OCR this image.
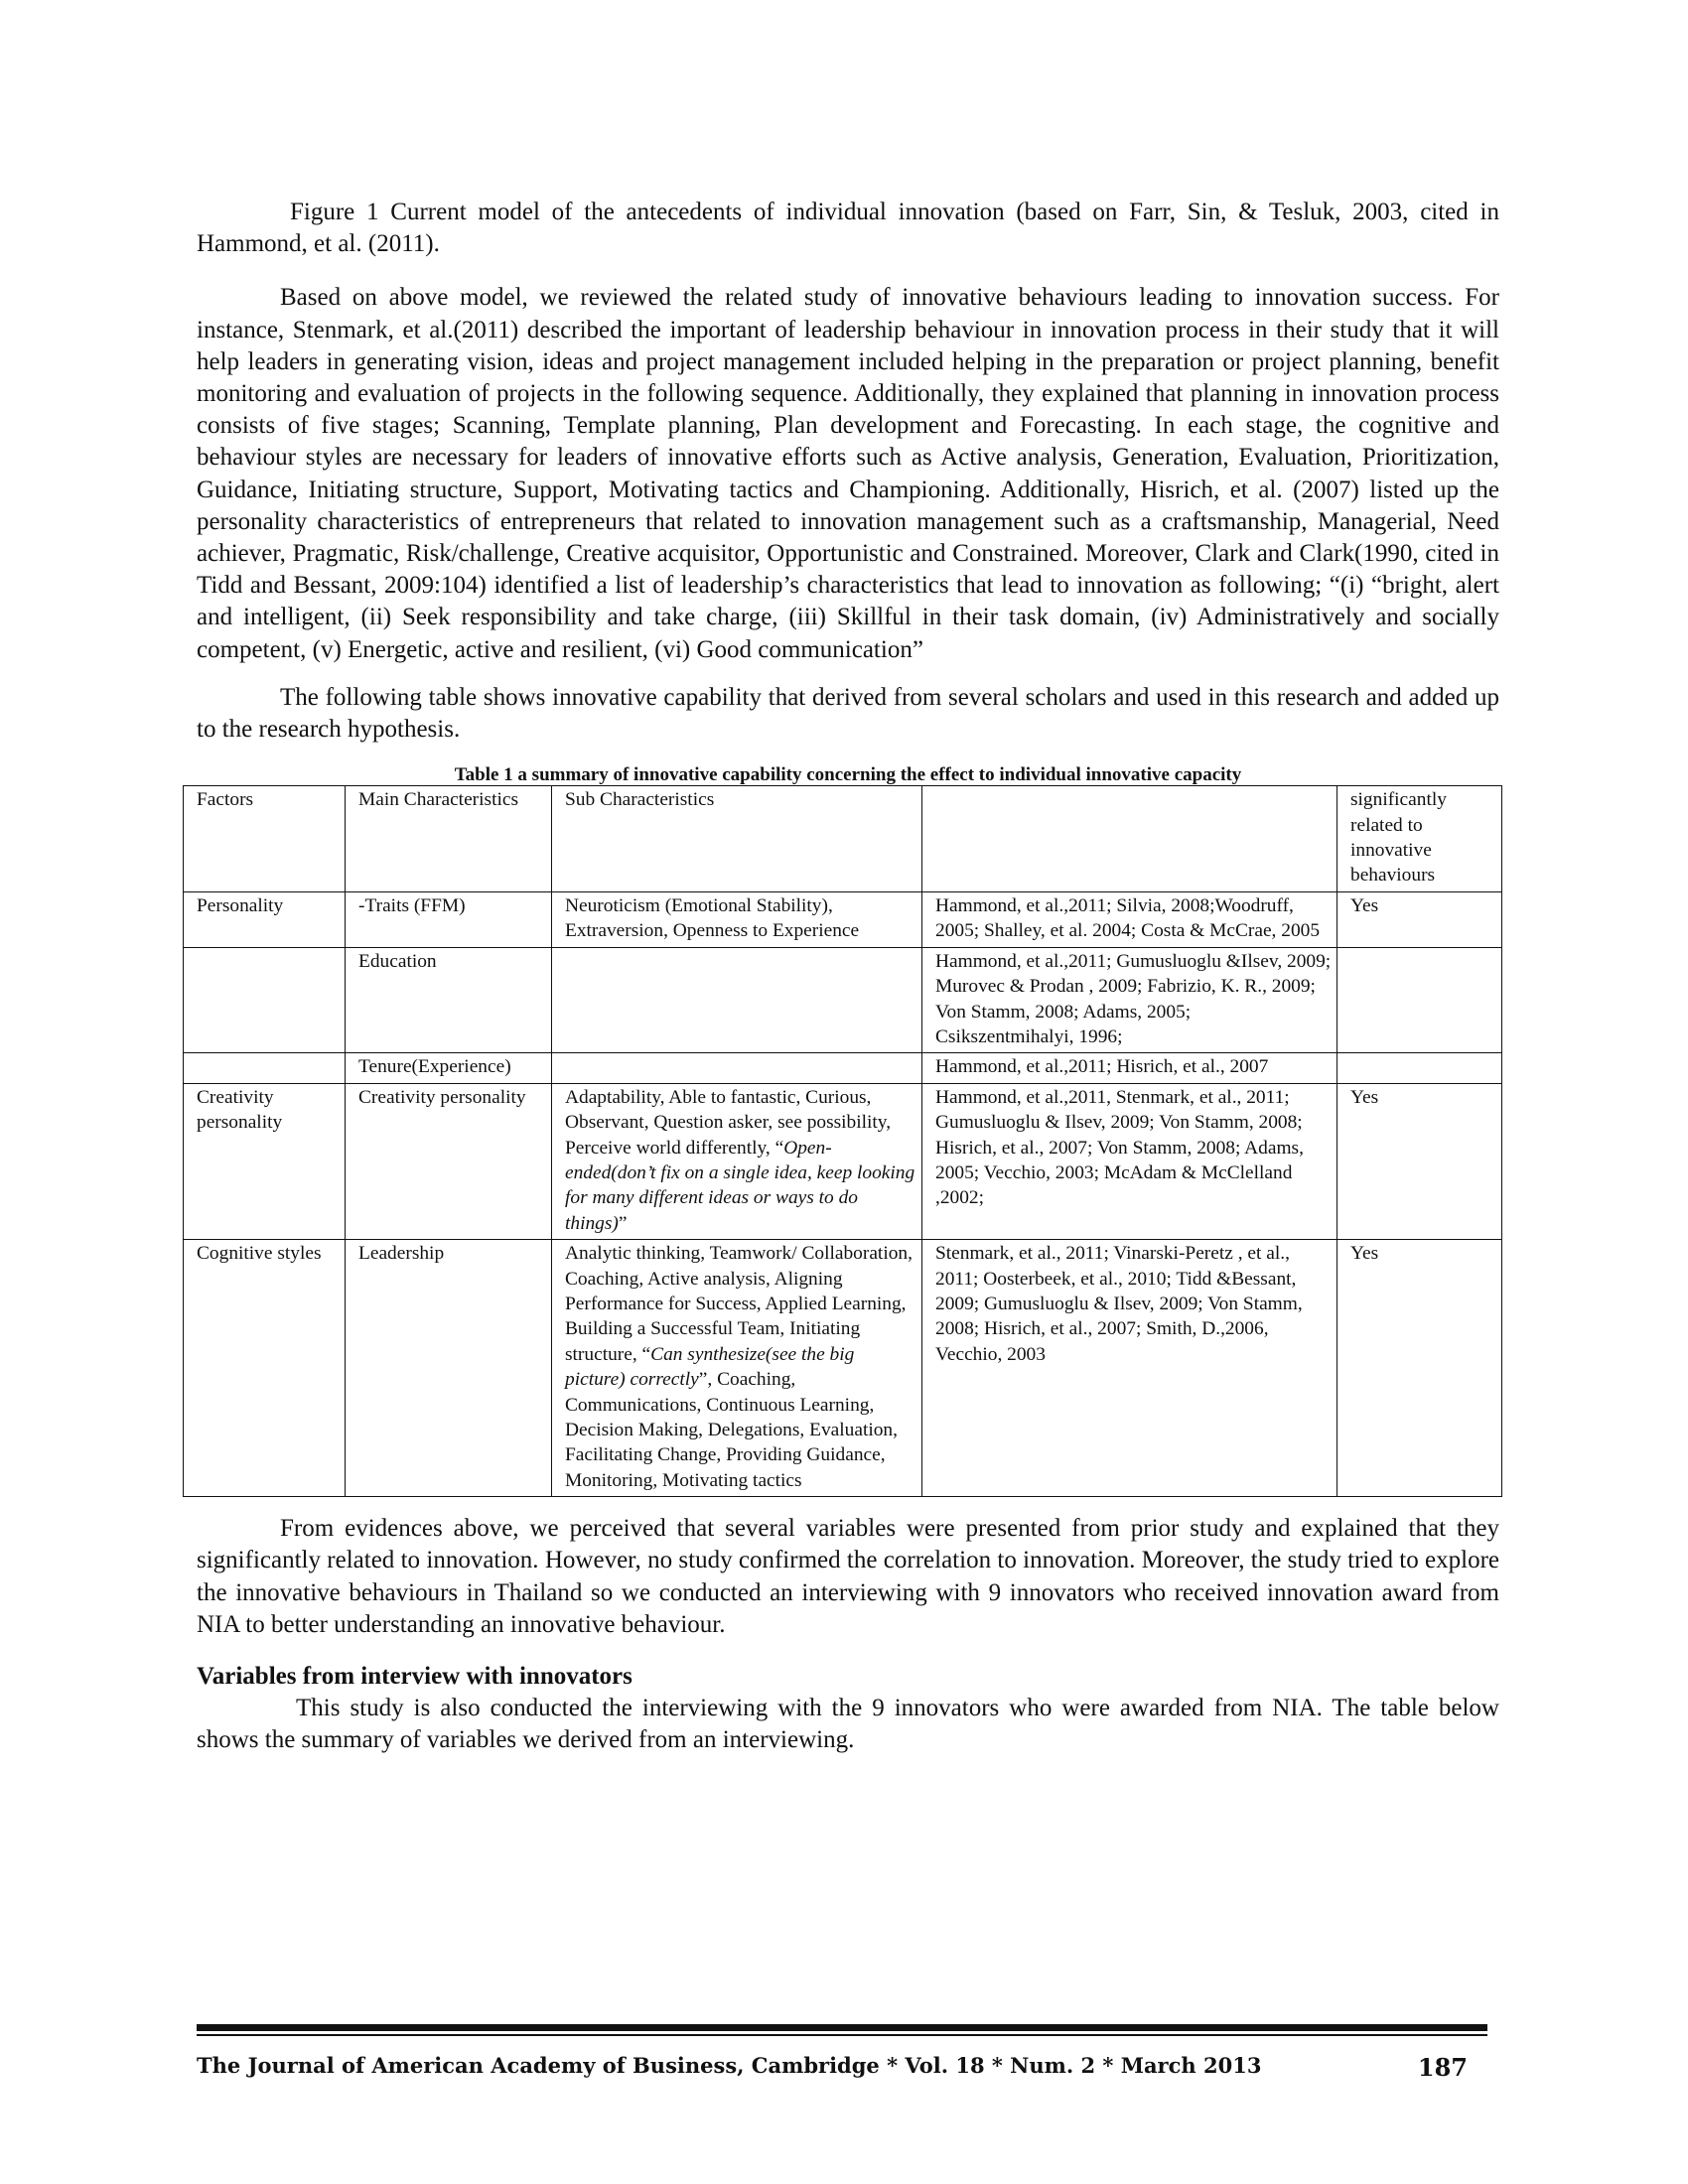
Figure 1 Current model of the antecedents of individual innovation (based on Farr, Sin, & Tesluk, 2003, cited in Hammond, et al. (2011).

Based on above model, we reviewed the related study of innovative behaviours leading to innovation success. For instance, Stenmark, et al.(2011) described the important of leadership behaviour in innovation process in their study that it will help leaders in generating vision, ideas and project management included helping in the preparation or project planning, benefit monitoring and evaluation of projects in the following sequence. Additionally, they explained that planning in innovation process consists of five stages; Scanning, Template planning, Plan development and Forecasting. In each stage, the cognitive and behaviour styles are necessary for leaders of innovative efforts such as Active analysis, Generation, Evaluation, Prioritization, Guidance, Initiating structure, Support, Motivating tactics and Championing. Additionally, Hisrich, et al. (2007) listed up the personality characteristics of entrepreneurs that related to innovation management such as a craftsmanship, Managerial, Need achiever, Pragmatic, Risk/challenge, Creative acquisitor, Opportunistic and Constrained. Moreover, Clark and Clark(1990, cited in Tidd and Bessant, 2009:104) identified a list of leadership’s characteristics that lead to innovation as following; “(i) “bright, alert and intelligent, (ii) Seek responsibility and take charge, (iii) Skillful in their task domain, (iv) Administratively and socially competent, (v) Energetic, active and resilient, (vi) Good communication”

The following table shows innovative capability that derived from several scholars and used in this research and added up to the research hypothesis.

Table 1 a summary of innovative capability concerning the effect to individual innovative capacity
Factors	Main Characteristics	Sub Characteristics		significantly related to innovative behaviours
Personality	-Traits (FFM)	Neuroticism (Emotional Stability), Extraversion, Openness to Experience	Hammond, et al.,2011; Silvia, 2008;Woodruff, 2005; Shalley, et al. 2004; Costa & McCrae, 2005	Yes
	Education		Hammond, et al.,2011; Gumusluoglu &Ilsev, 2009; Murovec & Prodan , 2009; Fabrizio, K. R., 2009; Von Stamm, 2008; Adams, 2005; Csikszentmihalyi, 1996;	
	Tenure(Experience)		Hammond, et al.,2011; Hisrich, et al., 2007	
Creativity personality	Creativity personality	Adaptability, Able to fantastic, Curious, Observant, Question asker, see possibility, Perceive world differently, “Open-ended(don’t fix on a single idea, keep looking for many different ideas or ways to do things)”	Hammond, et al.,2011, Stenmark, et al., 2011; Gumusluoglu & Ilsev, 2009; Von Stamm, 2008; Hisrich, et al., 2007; Von Stamm, 2008; Adams, 2005; Vecchio, 2003; McAdam & McClelland ,2002;	Yes
Cognitive styles	Leadership	Analytic thinking, Teamwork/ Collaboration, Coaching, Active analysis, Aligning Performance for Success, Applied Learning, Building a Successful Team, Initiating structure, “Can synthesize(see the big picture) correctly”, Coaching, Communications, Continuous Learning, Decision Making, Delegations, Evaluation, Facilitating Change, Providing Guidance, Monitoring, Motivating tactics	Stenmark, et al., 2011; Vinarski-Peretz , et al., 2011; Oosterbeek, et al., 2010; Tidd &Bessant, 2009; Gumusluoglu & Ilsev, 2009; Von Stamm, 2008; Hisrich, et al., 2007; Smith, D.,2006, Vecchio, 2003	Yes

From evidences above, we perceived that several variables were presented from prior study and explained that they significantly related to innovation. However, no study confirmed the correlation to innovation. Moreover, the study tried to explore the innovative behaviours in Thailand so we conducted an interviewing with 9 innovators who received innovation award from NIA to better understanding an innovative behaviour.

Variables from interview with innovators

This study is also conducted the interviewing with the 9 innovators who were awarded from NIA. The table below shows the summary of variables we derived from an interviewing.

The Journal of American Academy of Business, Cambridge * Vol. 18 * Num. 2 * March 2013	187
